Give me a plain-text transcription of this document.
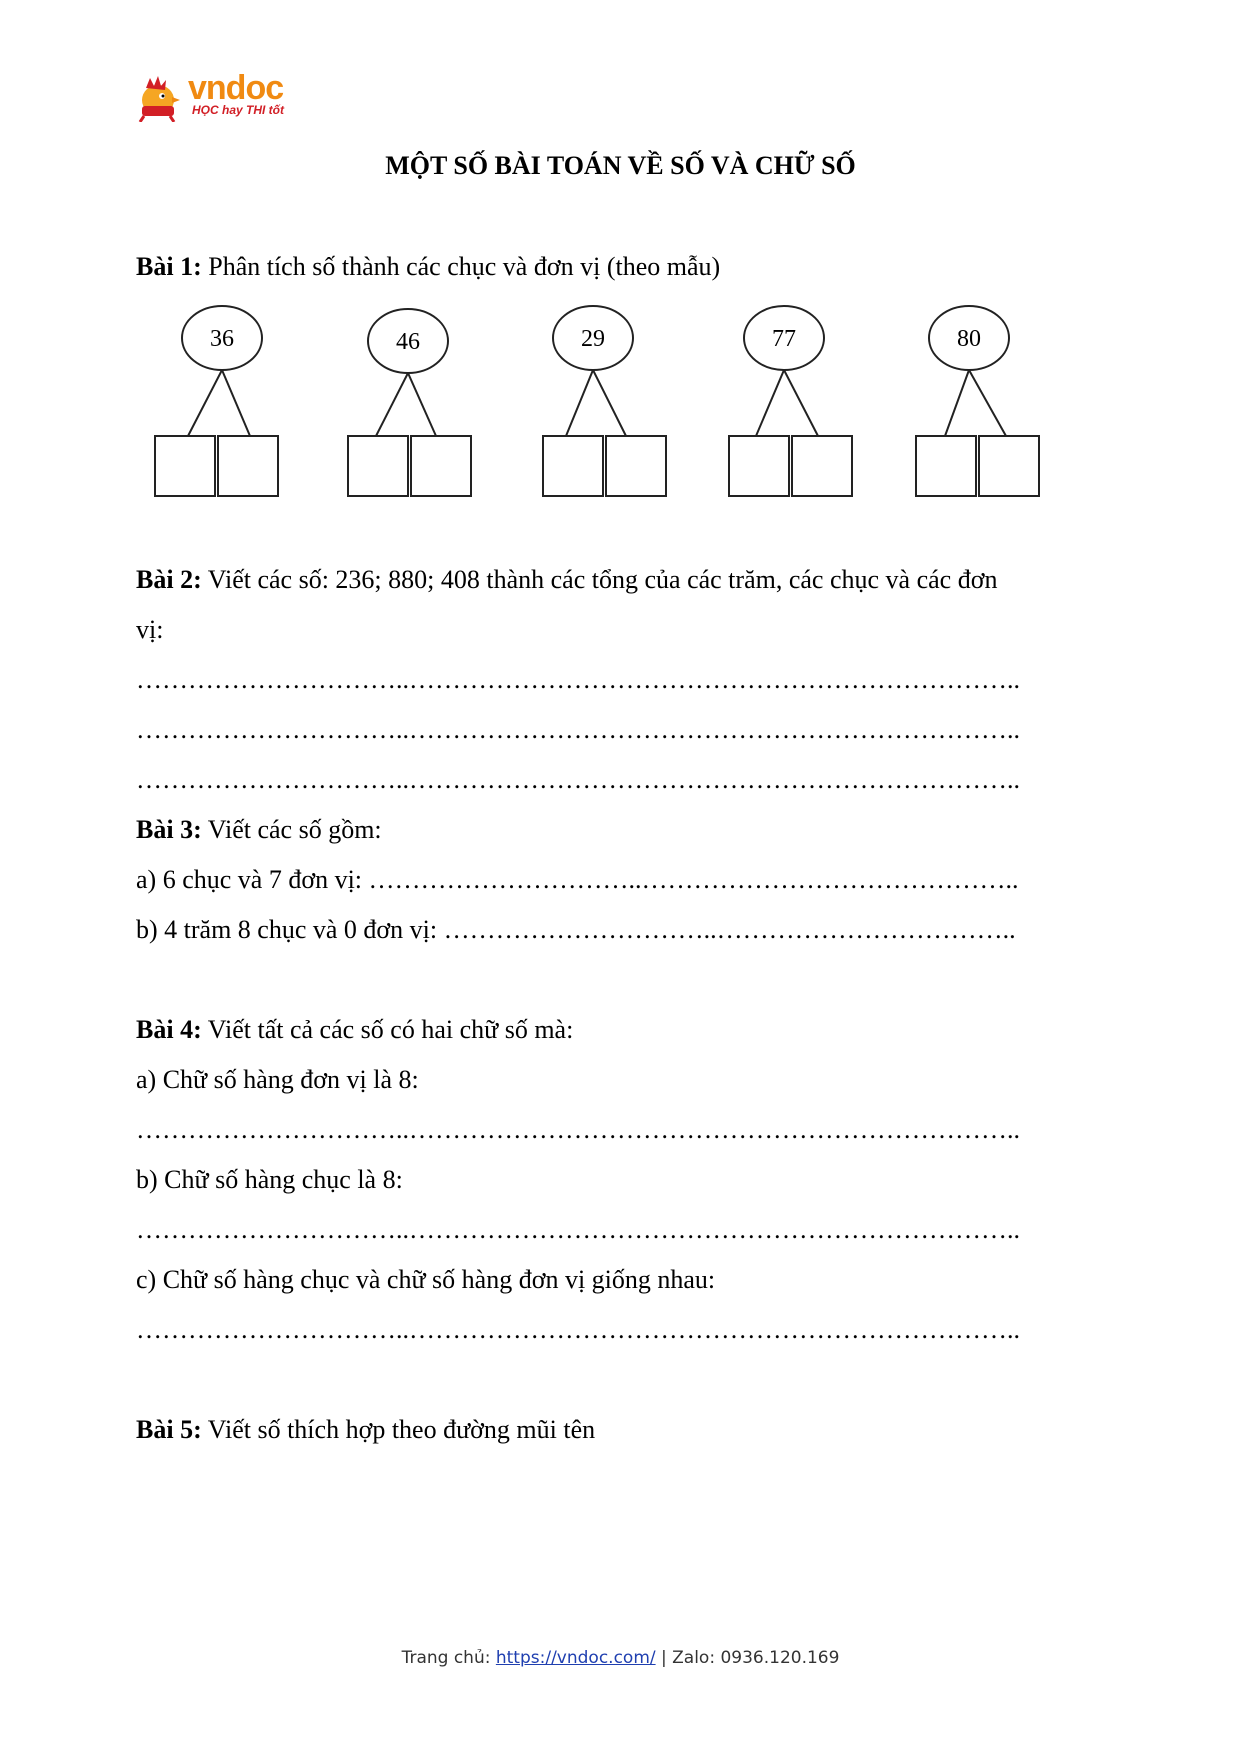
vndoc
HỌC hay THI tốt
MỘT SỐ BÀI TOÁN VỀ SỐ VÀ CHỮ SỐ
Bài 1: Phân tích số thành các chục và đơn vị (theo mẫu)
36	46	29	77	80
Bài 2: Viết các số: 236; 880; 408 thành các tổng của các trăm, các chục và các đơn
vị:
…………………………..……………………………………………………………..
…………………………..……………………………………………………………..
…………………………..……………………………………………………………..
Bài 3: Viết các số gồm:
a) 6 chục và 7 đơn vị: …………………………..……………………………………..
b) 4 trăm 8 chục và 0 đơn vị: …………………………..……………………………..
Bài 4: Viết tất cả các số có hai chữ số mà:
a) Chữ số hàng đơn vị là 8:
…………………………..……………………………………………………………..
b) Chữ số hàng chục là 8:
…………………………..……………………………………………………………..
c) Chữ số hàng chục và chữ số hàng đơn vị giống nhau:
…………………………..……………………………………………………………..
Bài 5: Viết số thích hợp theo đường mũi tên
Trang chủ: https://vndoc.com/ | Zalo: 0936.120.169
